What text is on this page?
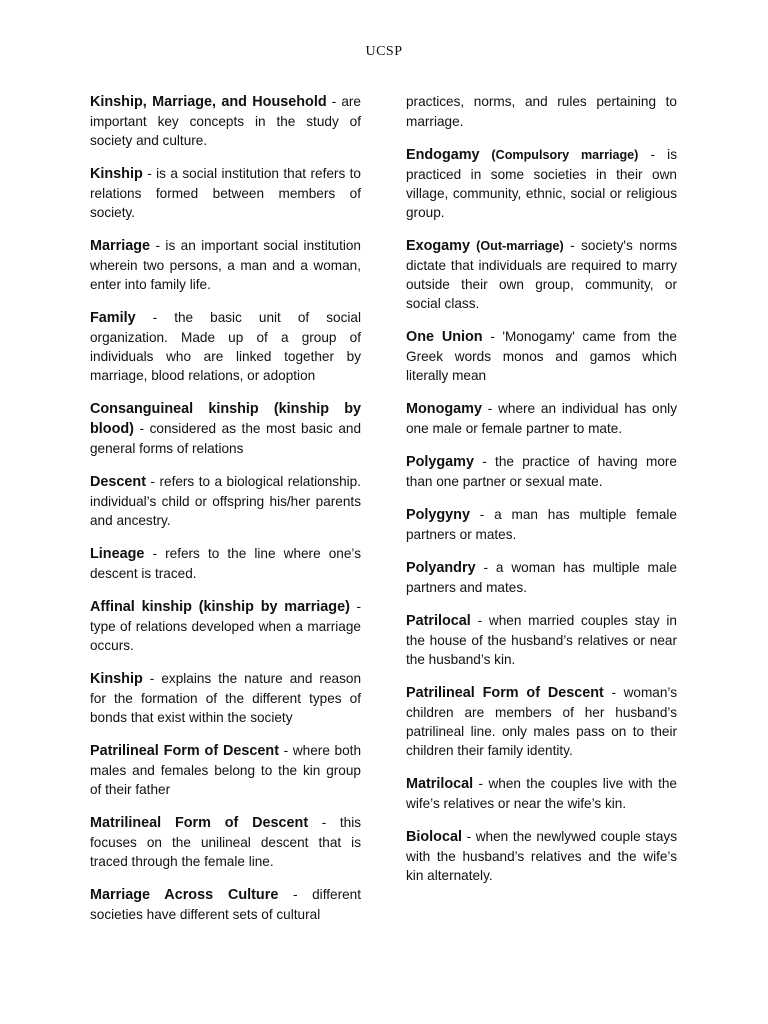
UCSP

Kinship, Marriage, and Household - are important key concepts in the study of society and culture.

Kinship - is a social institution that refers to relations formed between members of society.

Marriage - is an important social institution wherein two persons, a man and a woman, enter into family life.

Family - the basic unit of social organization. Made up of a group of individuals who are linked together by marriage, blood relations, or adoption

Consanguineal kinship (kinship by blood) - considered as the most basic and general forms of relations

Descent - refers to a biological relationship. individual’s child or offspring his/her parents and ancestry.

Lineage - refers to the line where one’s descent is traced.

Affinal kinship (kinship by marriage) - type of relations developed when a marriage occurs.

Kinship - explains the nature and reason for the formation of the different types of bonds that exist within the society

Patrilineal Form of Descent - where both males and females belong to the kin group of their father

Matrilineal Form of Descent - this focuses on the unilineal descent that is traced through the female line.

Marriage Across Culture - different societies have different sets of cultural

practices, norms, and rules pertaining to marriage.

Endogamy (Compulsory marriage) - is practiced in some societies in their own village, community, ethnic, social or religious group.

Exogamy (Out-marriage) - society's norms dictate that individuals are required to marry outside their own group, community, or social class.

One Union - 'Monogamy' came from the Greek words monos and gamos which literally mean

Monogamy - where an individual has only one male or female partner to mate.

Polygamy - the practice of having more than one partner or sexual mate.

Polygyny - a man has multiple female partners or mates.

Polyandry - a woman has multiple male partners and mates.

Patrilocal - when married couples stay in the house of the husband’s relatives or near the husband’s kin.

Patrilineal Form of Descent - woman’s children are members of her husband’s patrilineal line. only males pass on to their children their family identity.

Matrilocal - when the couples live with the wife’s relatives or near the wife’s kin.

Biolocal - when the newlywed couple stays with the husband’s relatives and the wife’s kin alternately.
